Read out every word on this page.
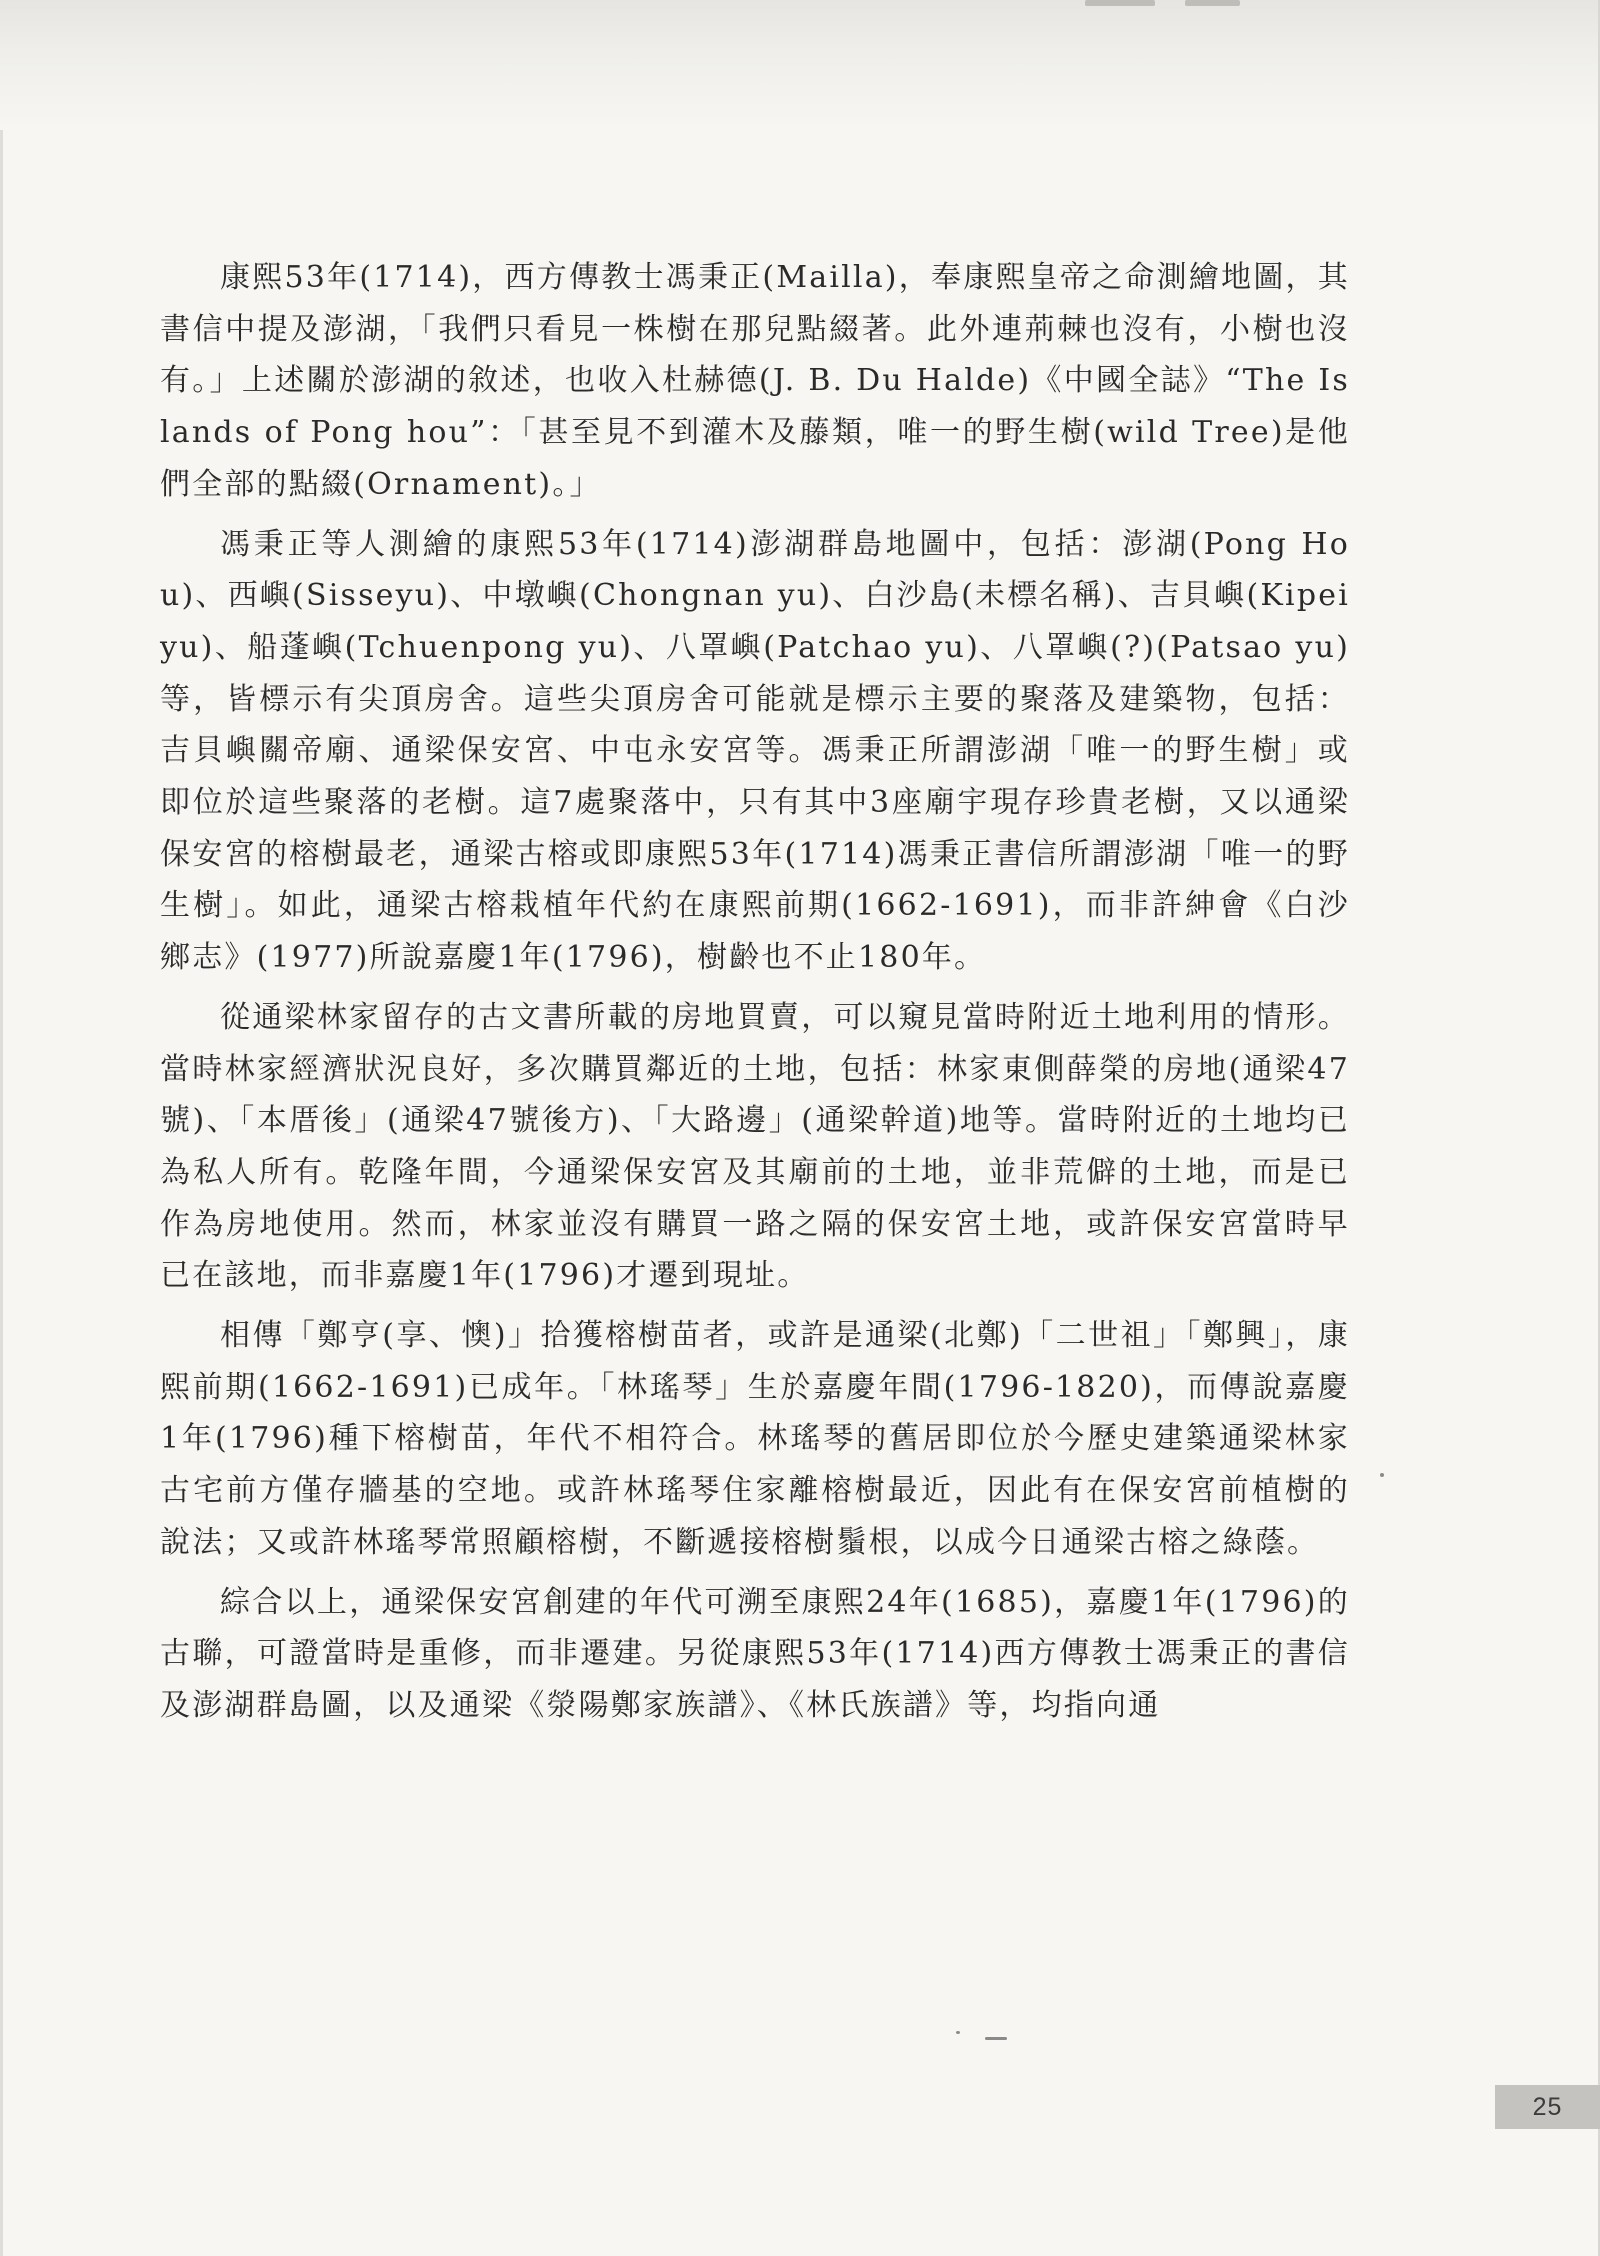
康熙53年(1714)，西方傳教士馮秉正(Mailla)，奉康熙皇帝之命測繪地圖，其書信中提及澎湖，「我們只看見一株樹在那兒點綴著。此外連荊棘也沒有，小樹也沒有。」上述關於澎湖的敘述，也收入杜赫德(J. B. Du Halde)《中國全誌》“The Islands of Pong hou”：「甚至見不到灌木及藤類，唯一的野生樹(wild Tree)是他們全部的點綴(Ornament)。」

馮秉正等人測繪的康熙53年(1714)澎湖群島地圖中，包括：澎湖(Pong Hou)、西嶼(Sisseyu)、中墩嶼(Chongnan yu)、白沙島(未標名稱)、吉貝嶼(Kipei yu)、船蓬嶼(Tchuenpong yu)、八罩嶼(Patchao yu)、八罩嶼(?)(Patsao yu)等，皆標示有尖頂房舍。這些尖頂房舍可能就是標示主要的聚落及建築物，包括：吉貝嶼關帝廟、通梁保安宮、中屯永安宮等。馮秉正所謂澎湖「唯一的野生樹」或即位於這些聚落的老樹。這7處聚落中，只有其中3座廟宇現存珍貴老樹，又以通梁保安宮的榕樹最老，通梁古榕或即康熙53年(1714)馮秉正書信所謂澎湖「唯一的野生樹」。如此，通梁古榕栽植年代約在康熙前期(1662-1691)，而非許紳會《白沙鄉志》(1977)所說嘉慶1年(1796)，樹齡也不止180年。

從通梁林家留存的古文書所載的房地買賣，可以窺見當時附近土地利用的情形。當時林家經濟狀況良好，多次購買鄰近的土地，包括：林家東側薛榮的房地(通梁47號)、「本厝後」(通梁47號後方)、「大路邊」(通梁幹道)地等。當時附近的土地均已為私人所有。乾隆年間，今通梁保安宮及其廟前的土地，並非荒僻的土地，而是已作為房地使用。然而，林家並沒有購買一路之隔的保安宮土地，或許保安宮當時早已在該地，而非嘉慶1年(1796)才遷到現址。

相傳「鄭亨(享、懊)」拾獲榕樹苗者，或許是通梁(北鄭)「二世祖」「鄭興」，康熙前期(1662-1691)已成年。「林瑤琴」生於嘉慶年間(1796-1820)，而傳說嘉慶1年(1796)種下榕樹苗，年代不相符合。林瑤琴的舊居即位於今歷史建築通梁林家古宅前方僅存牆基的空地。或許林瑤琴住家離榕樹最近，因此有在保安宮前植樹的說法；又或許林瑤琴常照顧榕樹，不斷遞接榕樹鬚根，以成今日通梁古榕之綠蔭。

綜合以上，通梁保安宮創建的年代可溯至康熙24年(1685)，嘉慶1年(1796)的古聯，可證當時是重修，而非遷建。另從康熙53年(1714)西方傳教士馮秉正的書信及澎湖群島圖，以及通梁《滎陽鄭家族譜》、《林氏族譜》等，均指向通

25
